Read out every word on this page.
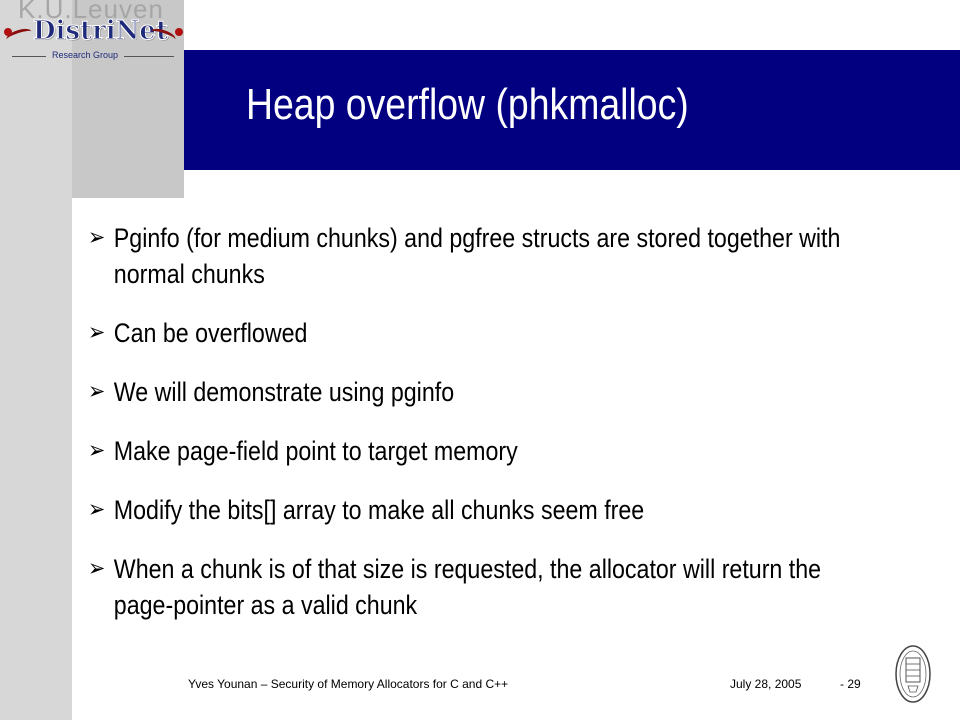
K.U.Leuven
DistriNet
Research Group
Heap overflow (phkmalloc)
➢ Pginfo (for medium chunks) and pgfree structs are stored together with normal chunks
➢ Can be overflowed
➢ We will demonstrate using pginfo
➢ Make page-field point to target memory
➢ Modify the bits[] array to make all chunks seem free
➢ When a chunk is of that size is requested, the allocator will return the page-pointer as a valid chunk
Yves Younan – Security of Memory Allocators for C and C++	July 28, 2005	- 29
